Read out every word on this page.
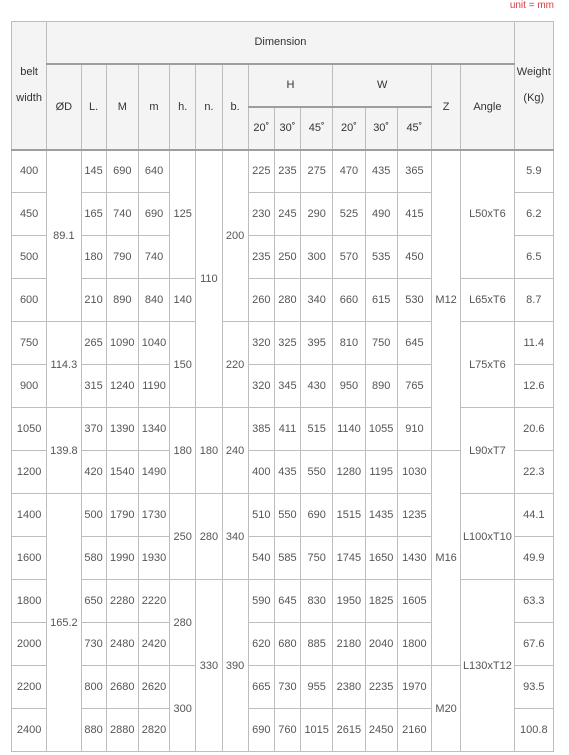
unit = mm
belt
width	Dimension															Weight
(Kg)

	ØD	L.	M	m	h.	n.	b.	H			W			Z	Angle	
								20˚	30˚	45˚	20˚	30˚	45˚			
400	89.1	145	690	640	125	110	200	225	235	275	470	435	365	M12	L50xT6	5.9
450		165	740	690				230	245	290	525	490	415			6.2
500		180	790	740				235	250	300	570	535	450			6.5
600		210	890	840	140			260	280	340	660	615	530		L65xT6	8.7
750	114.3	265	1090	1040	150		220	320	325	395	810	750	645		L75xT6	11.4
900		315	1240	1190				320	345	430	950	890	765			12.6
1050	139.8	370	1390	1340	180	180	240	385	411	515	1140	1055	910		L90xT7	20.6
1200		420	1540	1490				400	435	550	1280	1195	1030	M16		22.3
1400	165.2	500	1790	1730	250	280	340	510	550	690	1515	1435	1235		L100xT10	44.1
1600		580	1990	1930				540	585	750	1745	1650	1430			49.9
1800		650	2280	2220	280	330	390	590	645	830	1950	1825	1605		L130xT12	63.3
2000		730	2480	2420				620	680	885	2180	2040	1800			67.6
2200		800	2680	2620	300			665	730	955	2380	2235	1970	M20		93.5
2400		880	2880	2820				690	760	1015	2615	2450	2160			100.8
